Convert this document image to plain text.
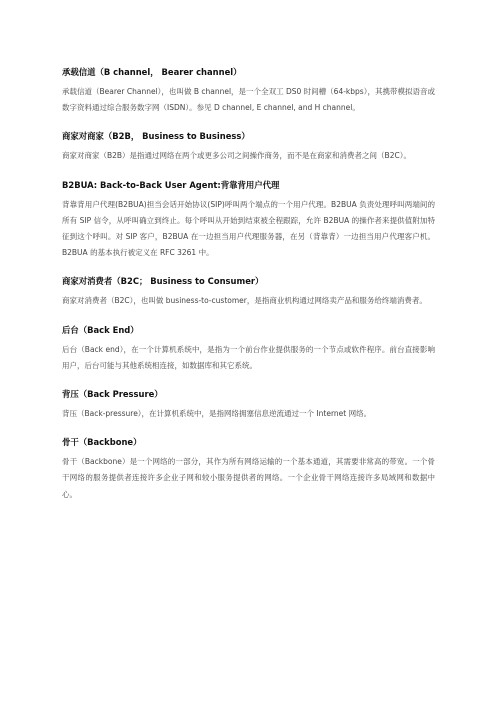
承载信道（B channel， Bearer channel）

承载信道（Bearer Channel），也叫做 B channel，是一个全双工 DS0 时间槽（64-kbps），其携带模拟语音或数字资料通过综合服务数字网（ISDN）。参见 D channel, E channel, and H channel。

商家对商家（B2B， Business to Business）

商家对商家（B2B）是指通过网络在两个或更多公司之间操作商务，而不是在商家和消费者之间（B2C）。

B2BUA: Back-to-Back User Agent:背靠背用户代理

背靠背用户代理(B2BUA)担当会话开始协议(SIP)呼叫两个端点的一个用户代理。B2BUA 负责处理呼叫两端间的所有 SIP 信令，从呼叫确立到终止。每个呼叫从开始到结束被全程跟踪，允许 B2BUA 的操作者来提供值附加特征到这个呼叫。对 SIP 客户，B2BUA 在一边担当用户代理服务器，在另（背靠背）一边担当用户代理客户机。B2BUA 的基本执行被定义在 RFC 3261 中。

商家对消费者（B2C； Business to Consumer）

商家对消费者（B2C），也叫做 business-to-customer，是指商业机构通过网络卖产品和服务给终端消费者。

后台（Back End）

后台（Back end），在一个计算机系统中，是指为一个前台作业提供服务的一个节点或软件程序。前台直接影响用户，后台可能与其他系统相连接，如数据库和其它系统。

背压（Back Pressure）

背压（Back-pressure），在计算机系统中，是指网络拥塞信息逆流通过一个 Internet 网络。

骨干（Backbone）

骨干（Backbone）是一个网络的一部分，其作为所有网络运输的一个基本通道，其需要非常高的带宽。一个骨干网络的服务提供者连接许多企业子网和较小服务提供者的网络。一个企业骨干网络连接许多局域网和数据中心。
